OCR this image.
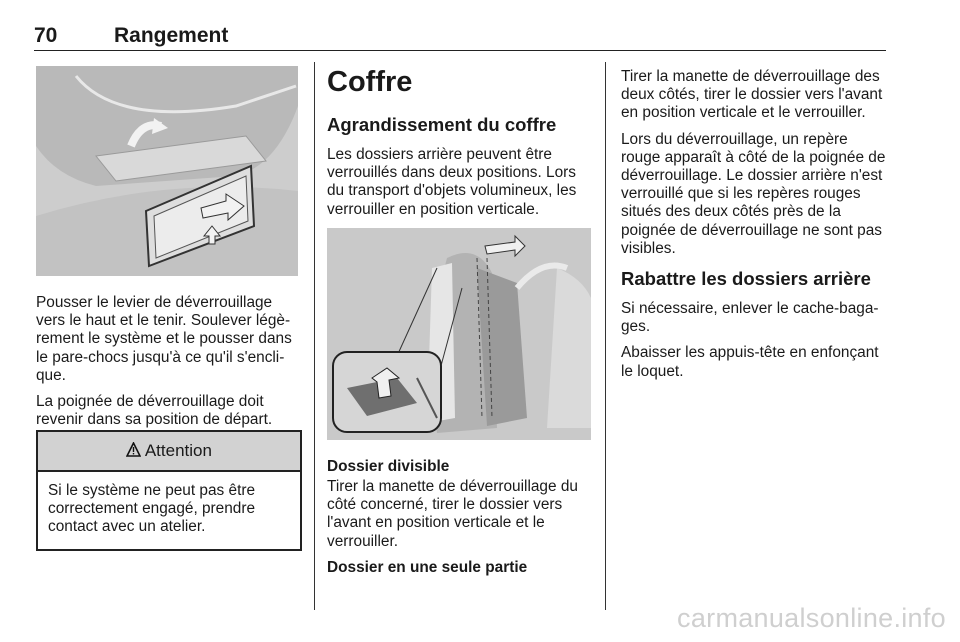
70	Rangement

Pousser le levier de déverrouillage vers le haut et le tenir. Soulever légè-rement le système et le pousser dans le pare-chocs jusqu'à ce qu'il s'encli-que.

La poignée de déverrouillage doit revenir dans sa position de départ.

Attention

Si le système ne peut pas être correctement engagé, prendre contact avec un atelier.

Coffre
Agrandissement du coffre

Les dossiers arrière peuvent être verrouillés dans deux positions. Lors du transport d'objets volumineux, les verrouiller en position verticale.

Dossier divisible

Tirer la manette de déverrouillage du côté concerné, tirer le dossier vers l'avant en position verticale et le verrouiller.

Dossier en une seule partie

Tirer la manette de déverrouillage des deux côtés, tirer le dossier vers l'avant en position verticale et le verrouiller.

Lors du déverrouillage, un repère rouge apparaît à côté de la poignée de déverrouillage. Le dossier arrière n'est verrouillé que si les repères rouges situés des deux côtés près de la poignée de déverrouillage ne sont pas visibles.

Rabattre les dossiers arrière

Si nécessaire, enlever le cache-baga-ges.

Abaisser les appuis-tête en enfonçant le loquet.

carmanualsonline.info
